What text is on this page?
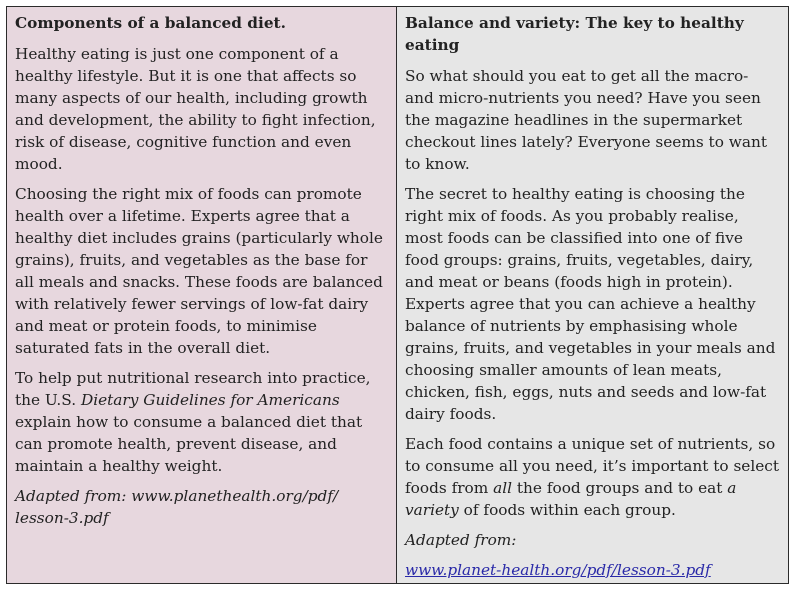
Components of a balanced diet.

Healthy eating is just one component of a healthy lifestyle. But it is one that affects so many aspects of our health, including growth and development, the ability to fight infection, risk of disease, cognitive function and even mood.

Choosing the right mix of foods can promote health over a lifetime. Experts agree that a healthy diet includes grains (particularly whole grains), fruits, and vegetables as the base for all meals and snacks. These foods are balanced with relatively fewer servings of low-fat dairy and meat or protein foods, to minimise saturated fats in the overall diet.

To help put nutritional research into practice, the U.S. Dietary Guidelines for Americans explain how to consume a balanced diet that can promote health, prevent disease, and maintain a healthy weight.

Adapted from: www.planethealth.org/pdf/
lesson-3.pdf

Balance and variety: The key to healthy eating

So what should you eat to get all the macro- and micro-nutrients you need? Have you seen the magazine headlines in the supermarket checkout lines lately? Everyone seems to want to know.

The secret to healthy eating is choosing the right mix of foods. As you probably realise, most foods can be classified into one of five food groups: grains, fruits, vegetables, dairy, and meat or beans (foods high in protein). Experts agree that you can achieve a healthy balance of nutrients by emphasising whole grains, fruits, and vegetables in your meals and choosing smaller amounts of lean meats, chicken, fish, eggs, nuts and seeds and low-fat dairy foods.

Each food contains a unique set of nutrients, so to consume all you need, it’s important to select foods from all the food groups and to eat a variety of foods within each group.

Adapted from:

www.planet-health.org/pdf/lesson-3.pdf
